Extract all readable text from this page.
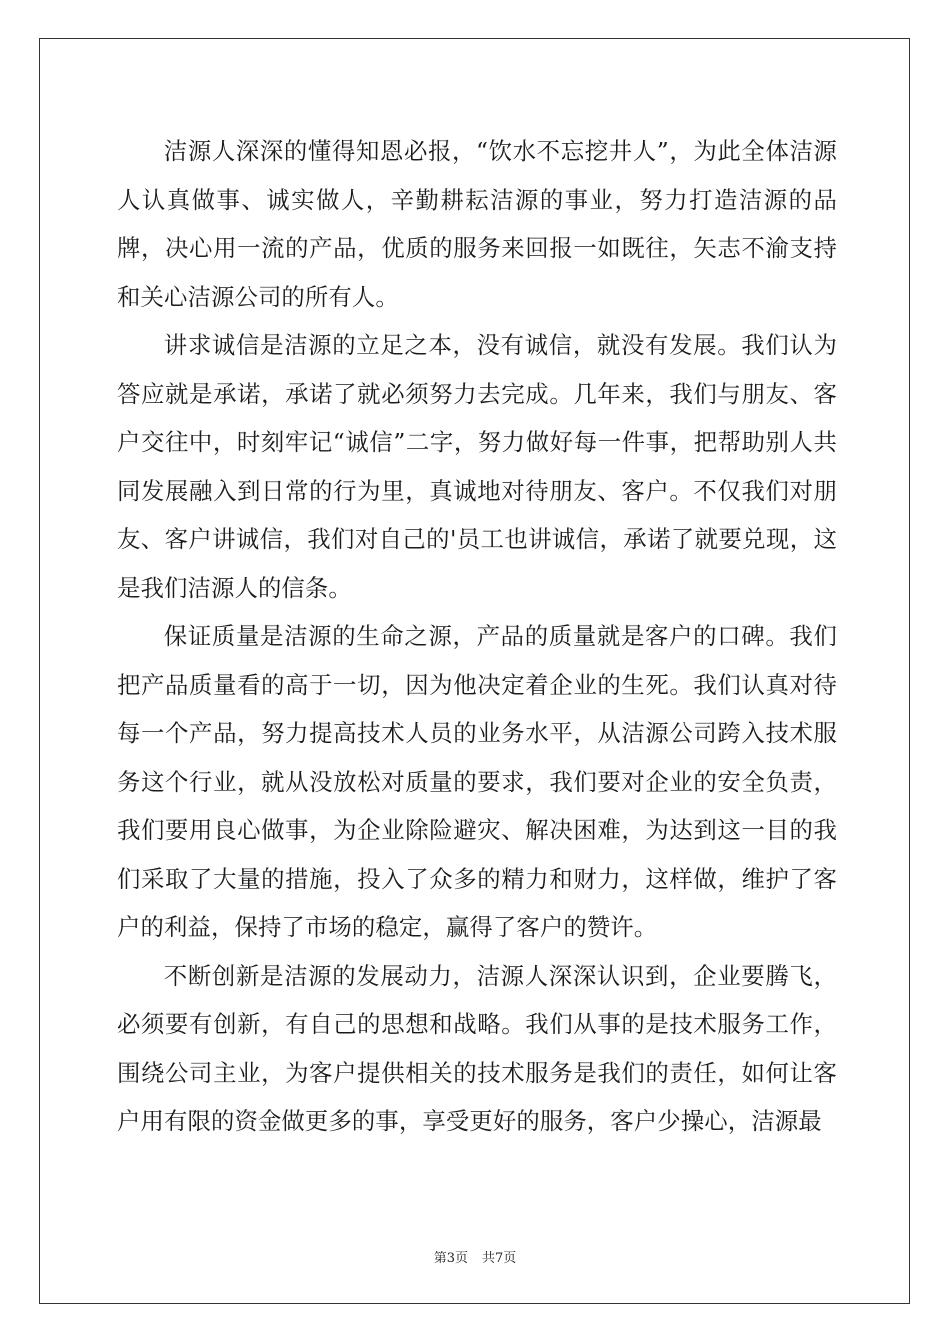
洁源人深深的懂得知恩必报，“饮水不忘挖井人”，为此全体洁源人认真做事、诚实做人，辛勤耕耘洁源的事业，努力打造洁源的品牌，决心用一流的产品，优质的服务来回报一如既往，矢志不渝支持和关心洁源公司的所有人。

讲求诚信是洁源的立足之本，没有诚信，就没有发展。我们认为答应就是承诺，承诺了就必须努力去完成。几年来，我们与朋友、客户交往中，时刻牢记“诚信”二字，努力做好每一件事，把帮助别人共同发展融入到日常的行为里，真诚地对待朋友、客户。不仅我们对朋友、客户讲诚信，我们对自己的'员工也讲诚信，承诺了就要兑现，这是我们洁源人的信条。

保证质量是洁源的生命之源，产品的质量就是客户的口碑。我们把产品质量看的高于一切，因为他决定着企业的生死。我们认真对待每一个产品，努力提高技术人员的业务水平，从洁源公司跨入技术服务这个行业，就从没放松对质量的要求，我们要对企业的安全负责，我们要用良心做事，为企业除险避灾、解决困难，为达到这一目的我们采取了大量的措施，投入了众多的精力和财力，这样做，维护了客户的利益，保持了市场的稳定，赢得了客户的赞许。

不断创新是洁源的发展动力，洁源人深深认识到，企业要腾飞，必须要有创新，有自己的思想和战略。我们从事的是技术服务工作，围绕公司主业，为客户提供相关的技术服务是我们的责任，如何让客户用有限的资金做更多的事，享受更好的服务，客户少操心，洁源最

第3页 共7页
